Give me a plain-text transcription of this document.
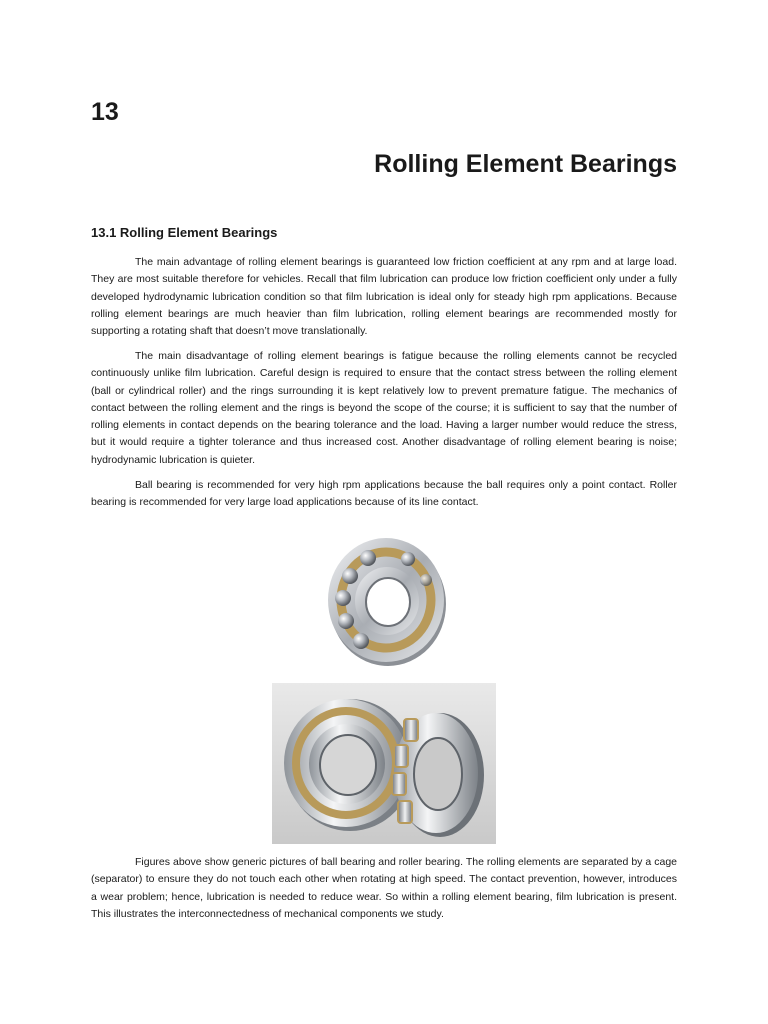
13
Rolling Element Bearings
13.1 Rolling Element Bearings

The main advantage of rolling element bearings is guaranteed low friction coefficient at any rpm and at large load. They are most suitable therefore for vehicles. Recall that film lubrication can produce low friction coefficient only under a fully developed hydrodynamic lubrication condition so that film lubrication is ideal only for steady high rpm applications. Because rolling element bearings are much heavier than film lubrication, rolling element bearings are recommended mostly for supporting a rotating shaft that doesn’t move translationally.

The main disadvantage of rolling element bearings is fatigue because the rolling elements cannot be recycled continuously unlike film lubrication. Careful design is required to ensure that the contact stress between the rolling element (ball or cylindrical roller) and the rings surrounding it is kept relatively low to prevent premature fatigue. The mechanics of contact between the rolling element and the rings is beyond the scope of the course; it is sufficient to say that the number of rolling elements in contact depends on the bearing tolerance and the load. Having a larger number would reduce the stress, but it would require a tighter tolerance and thus increased cost. Another disadvantage of rolling element bearing is noise; hydrodynamic lubrication is quieter.

Ball bearing is recommended for very high rpm applications because the ball requires only a point contact. Roller bearing is recommended for very large load applications because of its line contact.

Figures above show generic pictures of ball bearing and roller bearing. The rolling elements are separated by a cage (separator) to ensure they do not touch each other when rotating at high speed. The contact prevention, however, introduces a wear problem; hence, lubrication is needed to reduce wear. So within a rolling element bearing, film lubrication is present. This illustrates the interconnectedness of mechanical components we study.
